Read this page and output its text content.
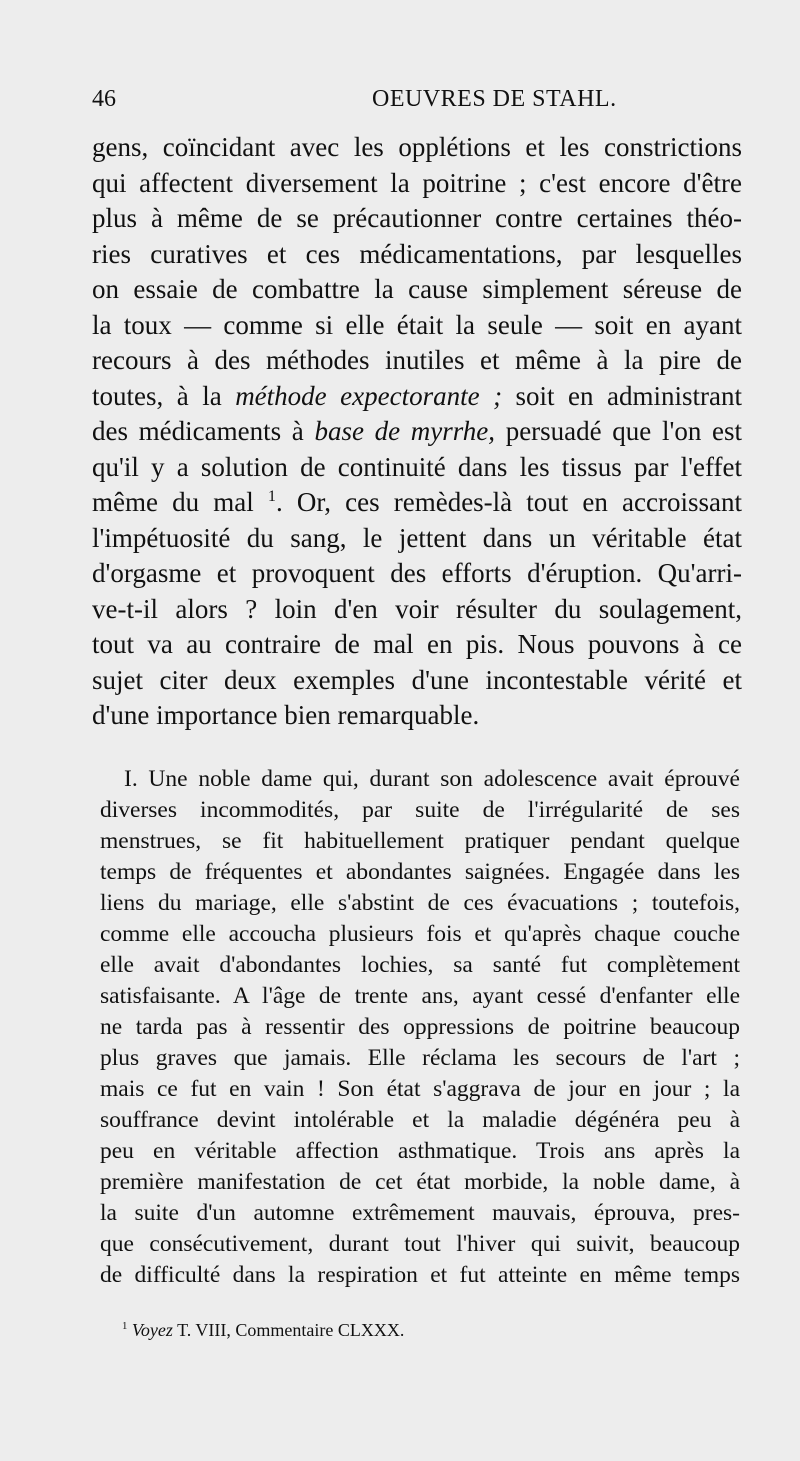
46	OEUVRES DE STAHL.
gens, coïncidant avec les opplétions et les constrictions
qui affectent diversement la poitrine ; c'est encore d'être
plus à même de se précautionner contre certaines théo-
ries curatives et ces médicamentations, par lesquelles
on essaie de combattre la cause simplement séreuse de
la toux — comme si elle était la seule — soit en ayant
recours à des méthodes inutiles et même à la pire de
toutes, à la méthode expectorante ; soit en administrant
des médicaments à base de myrrhe, persuadé que l'on est
qu'il y a solution de continuité dans les tissus par l'effet
même du mal $^1$. Or, ces remèdes-là tout en accroissant
l'impétuosité du sang, le jettent dans un véritable état
d'orgasme et provoquent des efforts d'éruption. Qu'arri-
ve-t-il alors ? loin d'en voir résulter du soulagement,
tout va au contraire de mal en pis. Nous pouvons à ce
sujet citer deux exemples d'une incontestable vérité et
d'une importance bien remarquable.
I. Une noble dame qui, durant son adolescence avait éprouvé
diverses incommodités, par suite de l'irrégularité de ses
menstrues, se fit habituellement pratiquer pendant quelque
temps de fréquentes et abondantes saignées. Engagée dans les
liens du mariage, elle s'abstint de ces évacuations ; toutefois,
comme elle accoucha plusieurs fois et qu'après chaque couche
elle avait d'abondantes lochies, sa santé fut complètement
satisfaisante. A l'âge de trente ans, ayant cessé d'enfanter elle
ne tarda pas à ressentir des oppressions de poitrine beaucoup
plus graves que jamais. Elle réclama les secours de l'art ;
mais ce fut en vain ! Son état s'aggrava de jour en jour ; la
souffrance devint intolérable et la maladie dégénéra peu à
peu en véritable affection asthmatique. Trois ans après la
première manifestation de cet état morbide, la noble dame, à
la suite d'un automne extrêmement mauvais, éprouva, pres-
que consécutivement, durant tout l'hiver qui suivit, beaucoup
de difficulté dans la respiration et fut atteinte en même temps
$^1$ Voyez T. VIII, Commentaire CLXXX.
